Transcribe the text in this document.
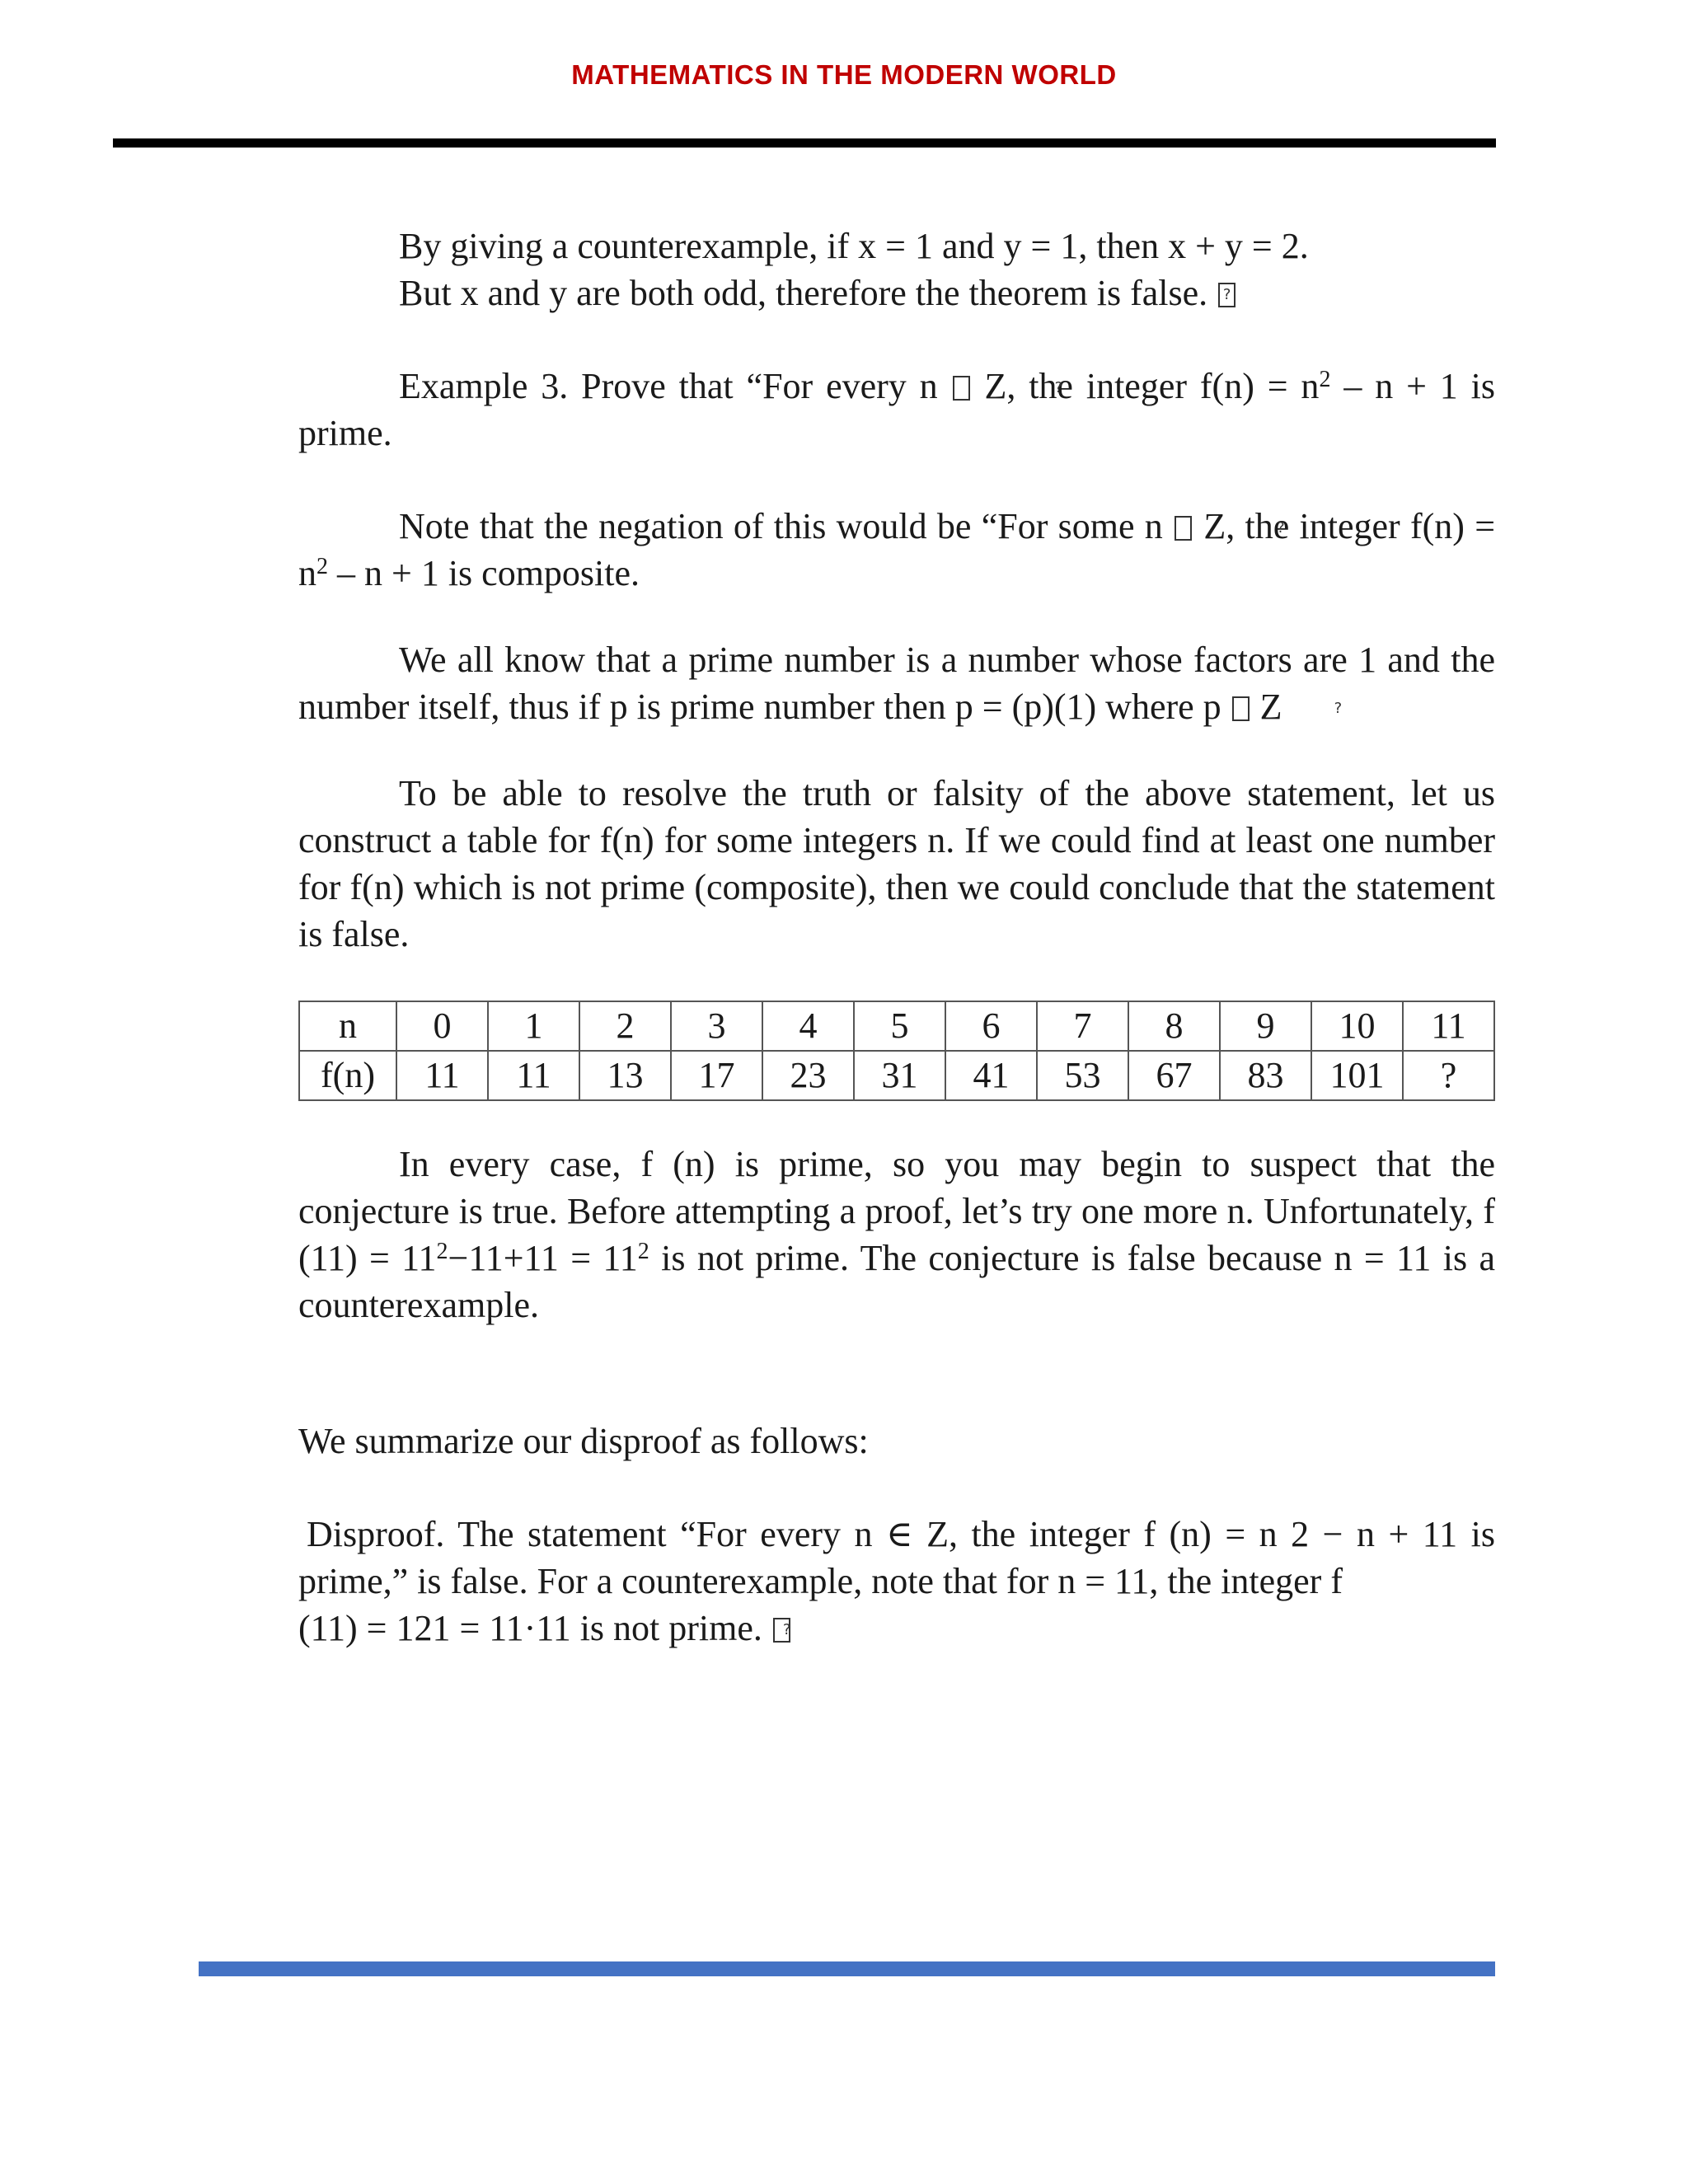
MATHEMATICS IN THE MODERN WORLD

By giving a counterexample, if x = 1 and y = 1, then x + y = 2.
But x and y are both odd, therefore the theorem is false. ?

Example 3. Prove that “For every n ? Z, the integer $f(n) = n^2 - n + 1$ is prime.

Note that the negation of this would be “For some n ? Z, the integer $f(n) = n^2 - n + 1$ is composite.

We all know that a prime number is a number whose factors are 1 and the number itself, thus if p is prime number then p = (p)(1) where p ? Z

To be able to resolve the truth or falsity of the above statement, let us construct a table for f(n) for some integers n. If we could find at least one number for f(n) which is not prime (composite), then we could conclude that the statement is false.

n	0	1	2	3	4	5	6	7	8	9	10	11
f(n)	11	11	13	17	23	31	41	53	67	83	101	?

In every case, f (n) is prime, so you may begin to suspect that the conjecture is true. Before attempting a proof, let’s try one more n. Unfortunately, f $(11) = 11^2-11+11 = 11^2$ is not prime. The conjecture is false because n = 11 is a counterexample.

We summarize our disproof as follows:

Disproof. The statement “For every n ∈ Z, the integer f (n) = n 2 − n + 11 is prime,” is false. For a counterexample, note that for n = 11, the integer f
(11) = 121 = 11·11 is not prime. ?
